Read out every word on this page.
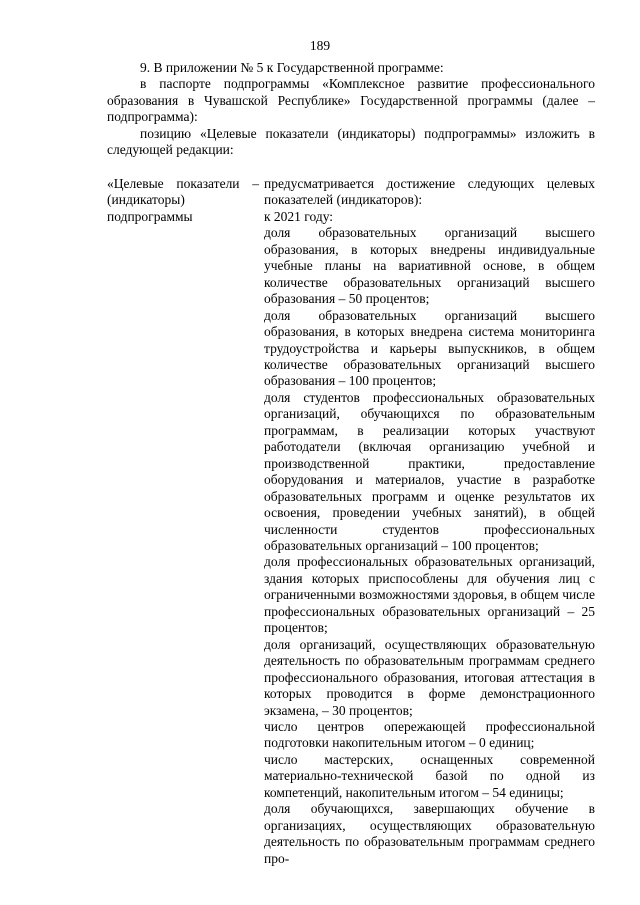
189

9. В приложении № 5 к Государственной программе:

в паспорте подпрограммы «Комплексное развитие профессионального образования в Чувашской Республике» Государственной программы (далее – подпрограмма):

позицию «Целевые показатели (индикаторы) подпрограммы» изложить в следующей редакции:

«Целевые показатели – (индикаторы) подпрограммы

предусматривается достижение следующих целевых показателей (индикаторов):

к 2021 году:

доля образовательных организаций высшего образования, в которых внедрены индивидуальные учебные планы на вариативной основе, в общем количестве образовательных организаций высшего образования – 50 процентов;

доля образовательных организаций высшего образования, в которых внедрена система мониторинга трудоустройства и карьеры выпускников, в общем количестве образовательных организаций высшего образования – 100 процентов;

доля студентов профессиональных образовательных организаций, обучающихся по образовательным программам, в реализации которых участвуют работодатели (включая организацию учебной и производственной практики, предоставление оборудования и материалов, участие в разработке образовательных программ и оценке результатов их освоения, проведении учебных занятий), в общей численности студентов профессиональных образовательных организаций – 100 процентов;

доля профессиональных образовательных организаций, здания которых приспособлены для обучения лиц с ограниченными возможностями здоровья, в общем числе профессиональных образовательных организаций – 25 процентов;

доля организаций, осуществляющих образовательную деятельность по образовательным программам среднего профессионального образования, итоговая аттестация в которых проводится в форме демонстрационного экзамена, – 30 процентов;

число центров опережающей профессиональной подготовки накопительным итогом – 0 единиц;

число мастерских, оснащенных современной материально-технической базой по одной из компетенций, накопительным итогом – 54 единицы;

доля обучающихся, завершающих обучение в организациях, осуществляющих образовательную деятельность по образовательным программам среднего про-
